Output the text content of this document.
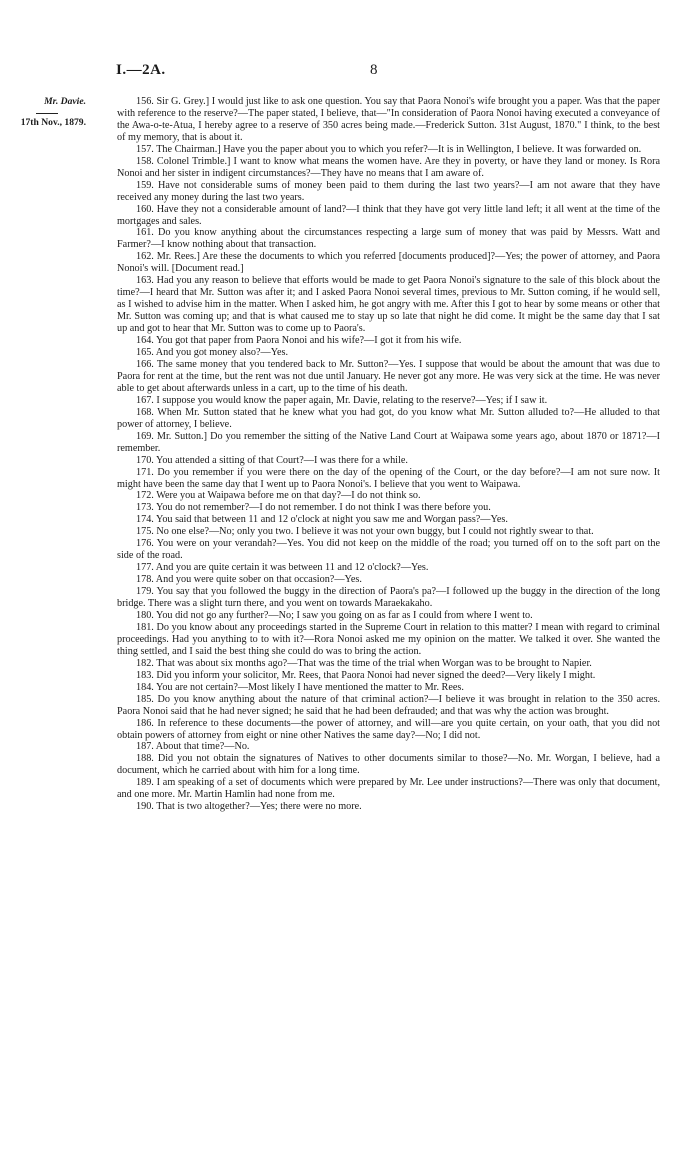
I.—2A.	8
Mr. Davie.
17th Nov., 1879.

156. Sir G. Grey.] I would just like to ask one question. You say that Paora Nonoi's wife brought you a paper. Was that the paper with reference to the reserve?—The paper stated, I believe, that—"In consideration of Paora Nonoi having executed a conveyance of the Awa-o-te-Atua, I hereby agree to a reserve of 350 acres being made.—Frederick Sutton. 31st August, 1870." I think, to the best of my memory, that is about it.

157. The Chairman.] Have you the paper about you to which you refer?—It is in Wellington, I believe. It was forwarded on.

158. Colonel Trimble.] I want to know what means the women have. Are they in poverty, or have they land or money. Is Rora Nonoi and her sister in indigent circumstances?—They have no means that I am aware of.

159. Have not considerable sums of money been paid to them during the last two years?—I am not aware that they have received any money during the last two years.

160. Have they not a considerable amount of land?—I think that they have got very little land left; it all went at the time of the mortgages and sales.

161. Do you know anything about the circumstances respecting a large sum of money that was paid by Messrs. Watt and Farmer?—I know nothing about that transaction.

162. Mr. Rees.] Are these the documents to which you referred [documents produced]?—Yes; the power of attorney, and Paora Nonoi's will. [Document read.]

163. Had you any reason to believe that efforts would be made to get Paora Nonoi's signature to the sale of this block about the time?—I heard that Mr. Sutton was after it; and I asked Paora Nonoi several times, previous to Mr. Sutton coming, if he would sell, as I wished to advise him in the matter. When I asked him, he got angry with me. After this I got to hear by some means or other that Mr. Sutton was coming up; and that is what caused me to stay up so late that night he did come. It might be the same day that I sat up and got to hear that Mr. Sutton was to come up to Paora's.

164. You got that paper from Paora Nonoi and his wife?—I got it from his wife.

165. And you got money also?—Yes.

166. The same money that you tendered back to Mr. Sutton?—Yes. I suppose that would be about the amount that was due to Paora for rent at the time, but the rent was not due until January. He never got any more. He was very sick at the time. He was never able to get about afterwards unless in a cart, up to the time of his death.

167. I suppose you would know the paper again, Mr. Davie, relating to the reserve?—Yes; if I saw it.

168. When Mr. Sutton stated that he knew what you had got, do you know what Mr. Sutton alluded to?—He alluded to that power of attorney, I believe.

169. Mr. Sutton.] Do you remember the sitting of the Native Land Court at Waipawa some years ago, about 1870 or 1871?—I remember.

170. You attended a sitting of that Court?—I was there for a while.

171. Do you remember if you were there on the day of the opening of the Court, or the day before?—I am not sure now. It might have been the same day that I went up to Paora Nonoi's. I believe that you went to Waipawa.

172. Were you at Waipawa before me on that day?—I do not think so.

173. You do not remember?—I do not remember. I do not think I was there before you.

174. You said that between 11 and 12 o'clock at night you saw me and Worgan pass?—Yes.

175. No one else?—No; only you two. I believe it was not your own buggy, but I could not rightly swear to that.

176. You were on your verandah?—Yes. You did not keep on the middle of the road; you turned off on to the soft part on the side of the road.

177. And you are quite certain it was between 11 and 12 o'clock?—Yes.

178. And you were quite sober on that occasion?—Yes.

179. You say that you followed the buggy in the direction of Paora's pa?—I followed up the buggy in the direction of the long bridge. There was a slight turn there, and you went on towards Maraekakaho.

180. You did not go any further?—No; I saw you going on as far as I could from where I went to.

181. Do you know about any proceedings started in the Supreme Court in relation to this matter? I mean with regard to criminal proceedings. Had you anything to to with it?—Rora Nonoi asked me my opinion on the matter. We talked it over. She wanted the thing settled, and I said the best thing she could do was to bring the action.

182. That was about six months ago?—That was the time of the trial when Worgan was to be brought to Napier.

183. Did you inform your solicitor, Mr. Rees, that Paora Nonoi had never signed the deed?—Very likely I might.

184. You are not certain?—Most likely I have mentioned the matter to Mr. Rees.

185. Do you know anything about the nature of that criminal action?—I believe it was brought in relation to the 350 acres. Paora Nonoi said that he had never signed; he said that he had been defrauded; and that was why the action was brought.

186. In reference to these documents—the power of attorney, and will—are you quite certain, on your oath, that you did not obtain powers of attorney from eight or nine other Natives the same day?—No; I did not.

187. About that time?—No.

188. Did you not obtain the signatures of Natives to other documents similar to those?—No. Mr. Worgan, I believe, had a document, which he carried about with him for a long time.

189. I am speaking of a set of documents which were prepared by Mr. Lee under instructions?—There was only that document, and one more. Mr. Martin Hamlin had none from me.

190. That is two altogether?—Yes; there were no more.
